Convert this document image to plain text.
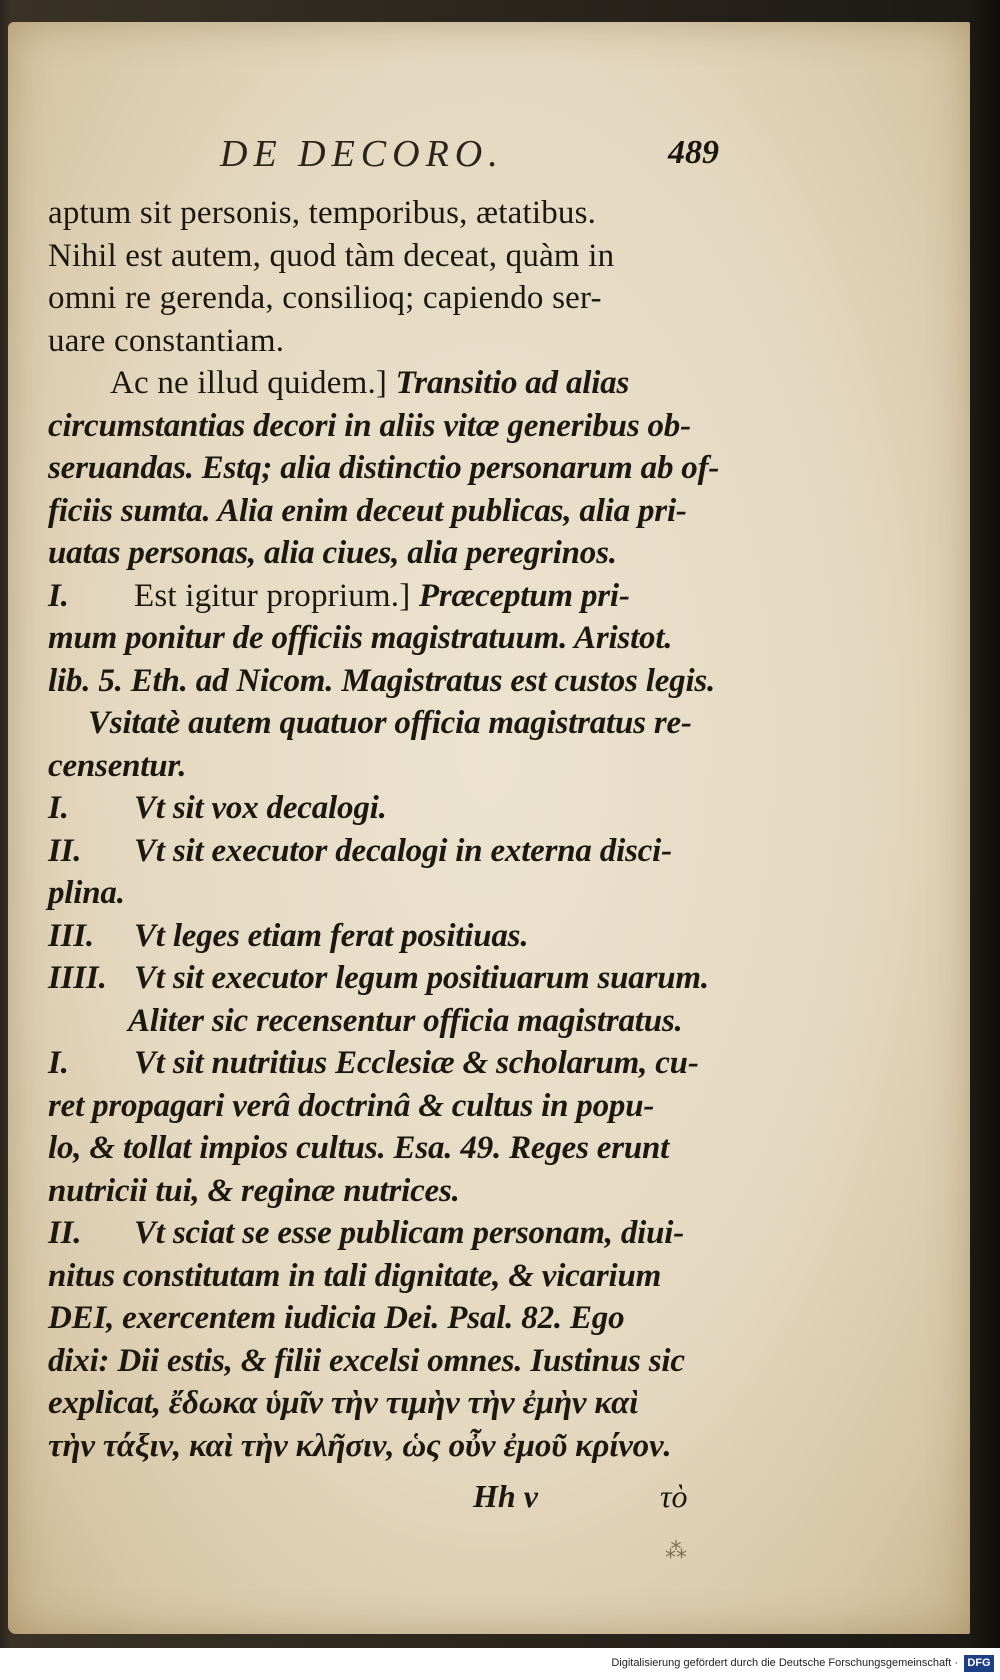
DE DECORO.	489
aptum sit personis, temporibus, ætatibus.
Nihil est autem, quod tàm deceat, quàm in
omni re gerenda, consilioq; capiendo ser-
uare constantiam.
Ac ne illud quidem.] Transitio ad alias
circumstantias decori in aliis vitæ generibus ob-
seruandas. Estq; alia distinctio personarum ab of-
ficiis sumta. Alia enim deceut publicas, alia pri-
uatas personas, alia ciues, alia peregrinos.
I. Est igitur proprium.] Præceptum pri-
mum ponitur de officiis magistratuum. Aristot.
lib. 5. Eth. ad Nicom. Magistratus est custos legis.
Vsitatè autem quatuor officia magistratus re-
censentur.
I. Vt sit vox decalogi.
II. Vt sit executor decalogi in externa disci-
plina.
III. Vt leges etiam ferat positiuas.
IIII. Vt sit executor legum positiuarum suarum.
Aliter sic recensentur officia magistratus.
I. Vt sit nutritius Ecclesiæ & scholarum, cu-
ret propagari verâ doctrinâ & cultus in popu-
lo, & tollat impios cultus. Esa. 49. Reges erunt
nutricii tui, & reginæ nutrices.
II. Vt sciat se esse publicam personam, diui-
nitus constitutam in tali dignitate, & vicarium
DEI, exercentem iudicia Dei. Psal. 82. Ego
dixi: Dii estis, & filii excelsi omnes. Iustinus sic
explicat, ἔδωκα ὑμῖν τὴν τιμὴν τὴν ἐμὴν καὶ
τὴν τάξιν, καὶ τὴν κλῆσιν, ὡς οὖν ἐμοῦ κρίνον.
Hh v	τὸ
⁂
Digitalisierung gefördert durch die Deutsche Forschungsgemeinschaft · DFG
